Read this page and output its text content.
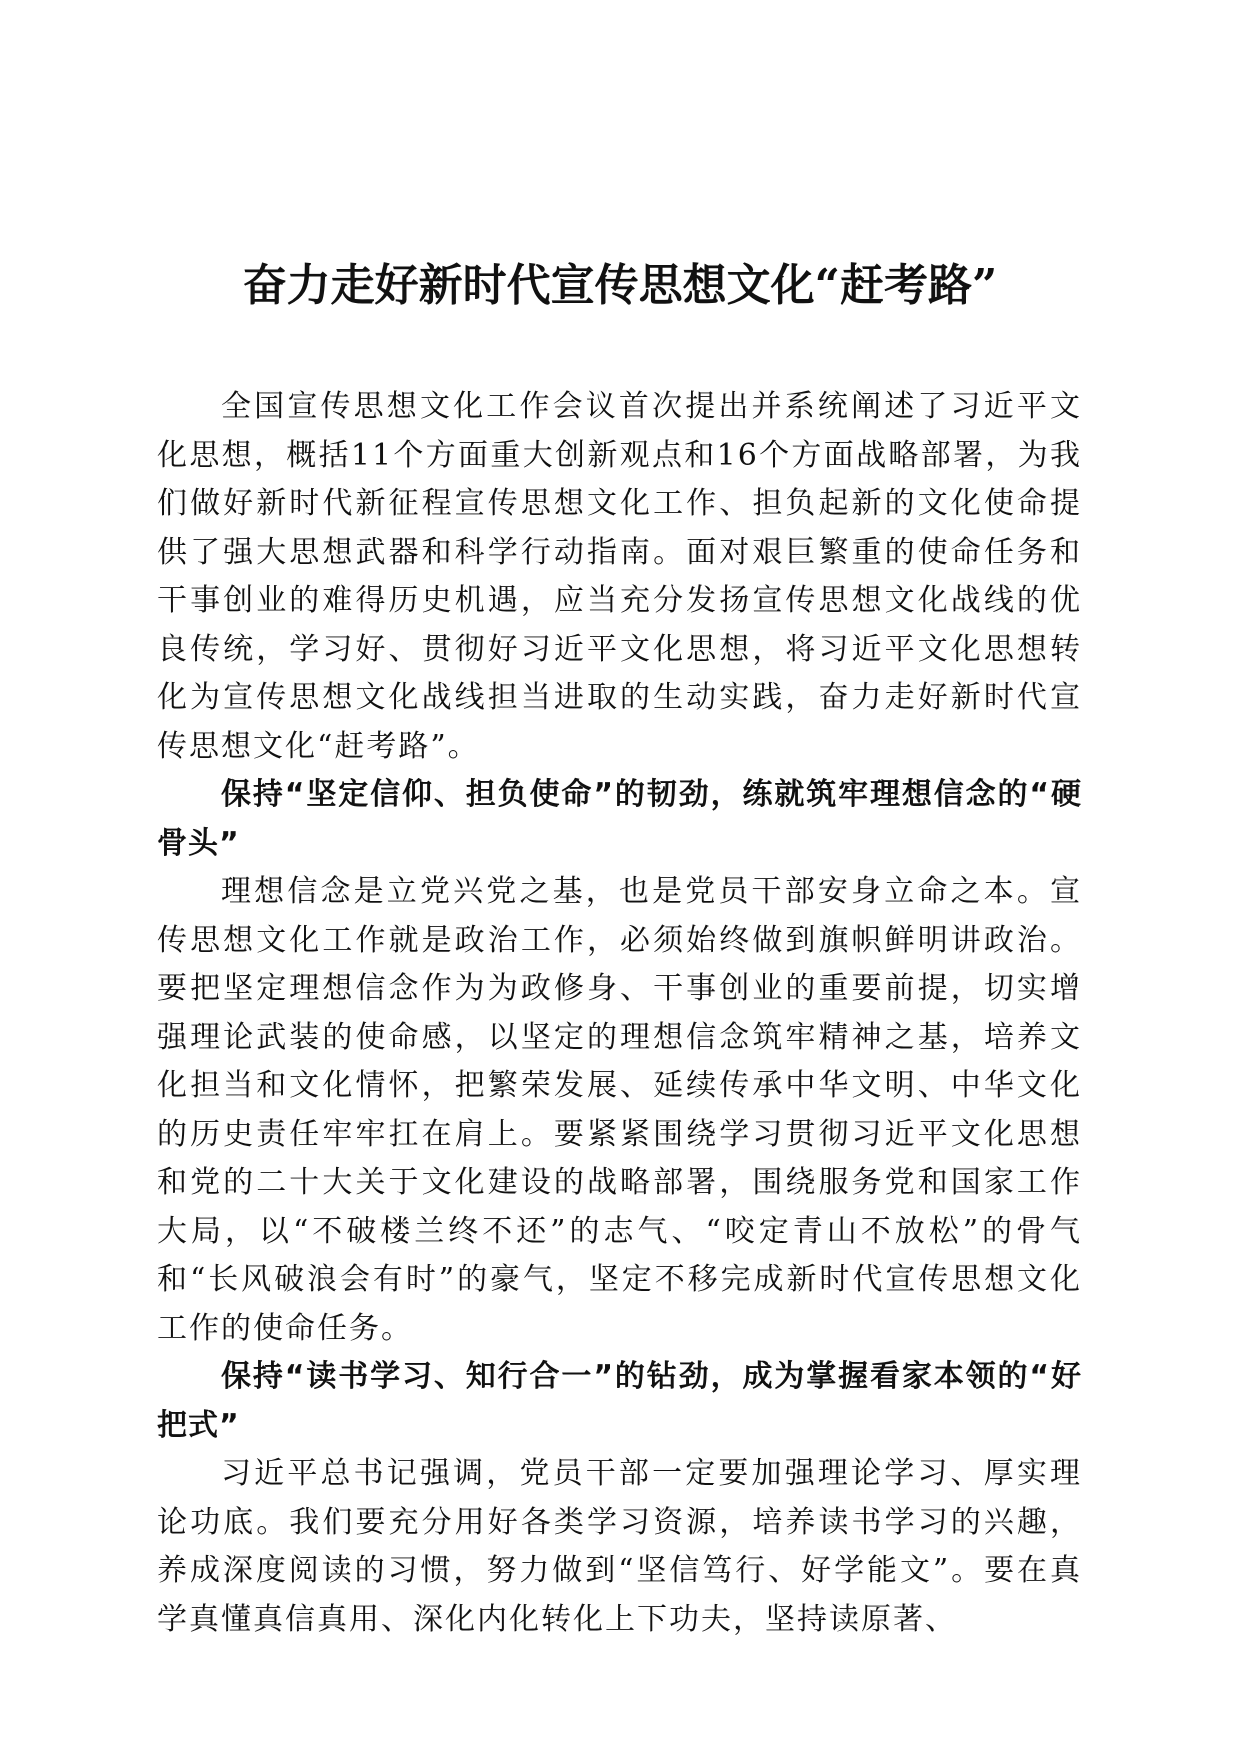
奋力走好新时代宣传思想文化“赶考路”

全国宣传思想文化工作会议首次提出并系统阐述了习近平文化思想，概括11个方面重大创新观点和16个方面战略部署，为我们做好新时代新征程宣传思想文化工作、担负起新的文化使命提供了强大思想武器和科学行动指南。面对艰巨繁重的使命任务和干事创业的难得历史机遇，应当充分发扬宣传思想文化战线的优良传统，学习好、贯彻好习近平文化思想，将习近平文化思想转化为宣传思想文化战线担当进取的生动实践，奋力走好新时代宣传思想文化“赶考路”。

保持“坚定信仰、担负使命”的韧劲，练就筑牢理想信念的“硬骨头”

理想信念是立党兴党之基，也是党员干部安身立命之本。宣传思想文化工作就是政治工作，必须始终做到旗帜鲜明讲政治。要把坚定理想信念作为为政修身、干事创业的重要前提，切实增强理论武装的使命感，以坚定的理想信念筑牢精神之基，培养文化担当和文化情怀，把繁荣发展、延续传承中华文明、中华文化的历史责任牢牢扛在肩上。要紧紧围绕学习贯彻习近平文化思想和党的二十大关于文化建设的战略部署，围绕服务党和国家工作大局，以“不破楼兰终不还”的志气、“咬定青山不放松”的骨气和“长风破浪会有时”的豪气，坚定不移完成新时代宣传思想文化工作的使命任务。

保持“读书学习、知行合一”的钻劲，成为掌握看家本领的“好把式”

习近平总书记强调，党员干部一定要加强理论学习、厚实理论功底。我们要充分用好各类学习资源，培养读书学习的兴趣，养成深度阅读的习惯，努力做到“坚信笃行、好学能文”。要在真学真懂真信真用、深化内化转化上下功夫，坚持读原著、
